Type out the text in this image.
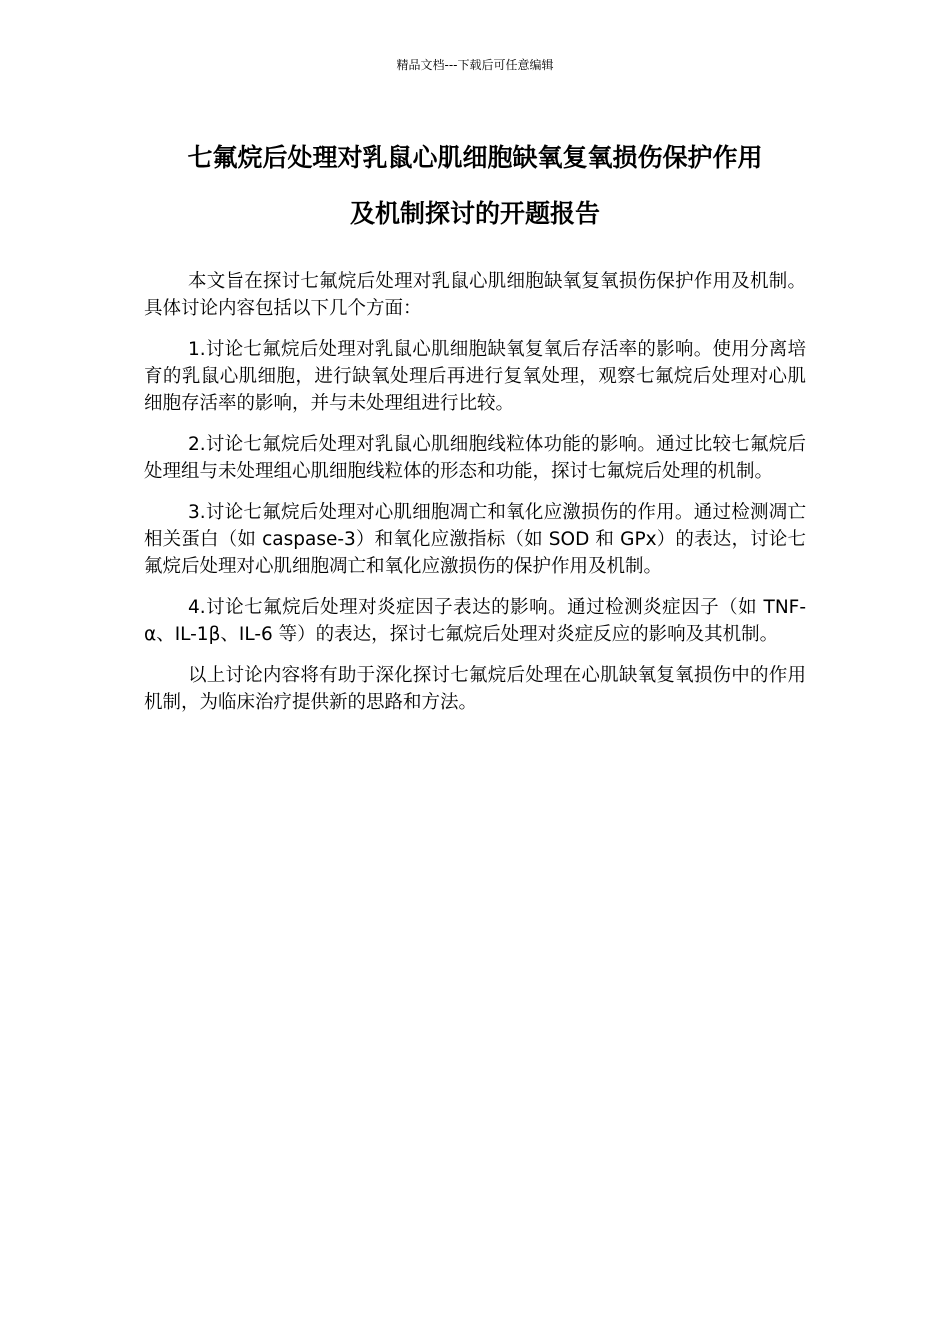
精品文档---下载后可任意编辑
七氟烷后处理对乳鼠心肌细胞缺氧复氧损伤保护作用
及机制探讨的开题报告

本文旨在探讨七氟烷后处理对乳鼠心肌细胞缺氧复氧损伤保护作用及机制。具体讨论内容包括以下几个方面：

1.讨论七氟烷后处理对乳鼠心肌细胞缺氧复氧后存活率的影响。使用分离培育的乳鼠心肌细胞，进行缺氧处理后再进行复氧处理，观察七氟烷后处理对心肌细胞存活率的影响，并与未处理组进行比较。

2.讨论七氟烷后处理对乳鼠心肌细胞线粒体功能的影响。通过比较七氟烷后处理组与未处理组心肌细胞线粒体的形态和功能，探讨七氟烷后处理的机制。

3.讨论七氟烷后处理对心肌细胞凋亡和氧化应激损伤的作用。通过检测凋亡相关蛋白（如 caspase-3）和氧化应激指标（如 SOD 和 GPx）的表达，讨论七氟烷后处理对心肌细胞凋亡和氧化应激损伤的保护作用及机制。

4.讨论七氟烷后处理对炎症因子表达的影响。通过检测炎症因子（如 TNF-α、IL-1β、IL-6 等）的表达，探讨七氟烷后处理对炎症反应的影响及其机制。

以上讨论内容将有助于深化探讨七氟烷后处理在心肌缺氧复氧损伤中的作用机制，为临床治疗提供新的思路和方法。
